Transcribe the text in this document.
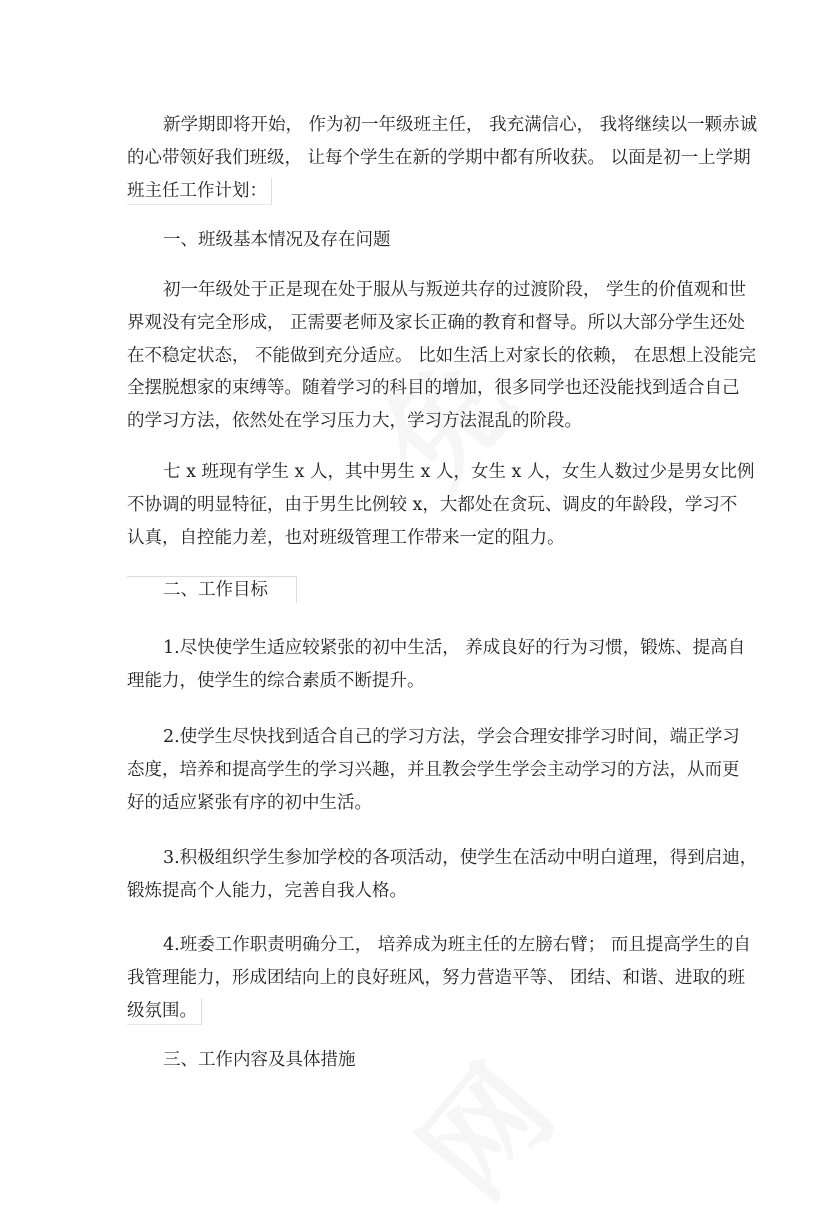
新学期即将开始， 作为初一年级班主任， 我充满信心， 我将继续以一颗赤诚
的心带领好我们班级， 让每个学生在新的学期中都有所收获。 以面是初一上学期
班主任工作计划：
一、班级基本情况及存在问题
初一年级处于正是现在处于服从与叛逆共存的过渡阶段， 学生的价值观和世
界观没有完全形成， 正需要老师及家长正确的教育和督导。所以大部分学生还处
在不稳定状态， 不能做到充分适应。 比如生活上对家长的依赖， 在思想上没能完
全摆脱想家的束缚等。随着学习的科目的增加，很多同学也还没能找到适合自己
的学习方法，依然处在学习压力大，学习方法混乱的阶段。
七 x 班现有学生 x 人，其中男生 x 人，女生 x 人，女生人数过少是男女比例
不协调的明显特征，由于男生比例较 x，大都处在贪玩、调皮的年龄段，学习不
认真，自控能力差，也对班级管理工作带来一定的阻力。
二、工作目标
1.尽快使学生适应较紧张的初中生活， 养成良好的行为习惯，锻炼、提高自
理能力，使学生的综合素质不断提升。
2.使学生尽快找到适合自己的学习方法，学会合理安排学习时间，端正学习
态度，培养和提高学生的学习兴趣，并且教会学生学会主动学习的方法，从而更
好的适应紧张有序的初中生活。
3.积极组织学生参加学校的各项活动，使学生在活动中明白道理，得到启迪，
锻炼提高个人能力，完善自我人格。
4.班委工作职责明确分工， 培养成为班主任的左膀右臂； 而且提高学生的自
我管理能力，形成团结向上的良好班风，努力营造平等、 团结、和谐、进取的班
级氛围。
三、工作内容及具体措施
